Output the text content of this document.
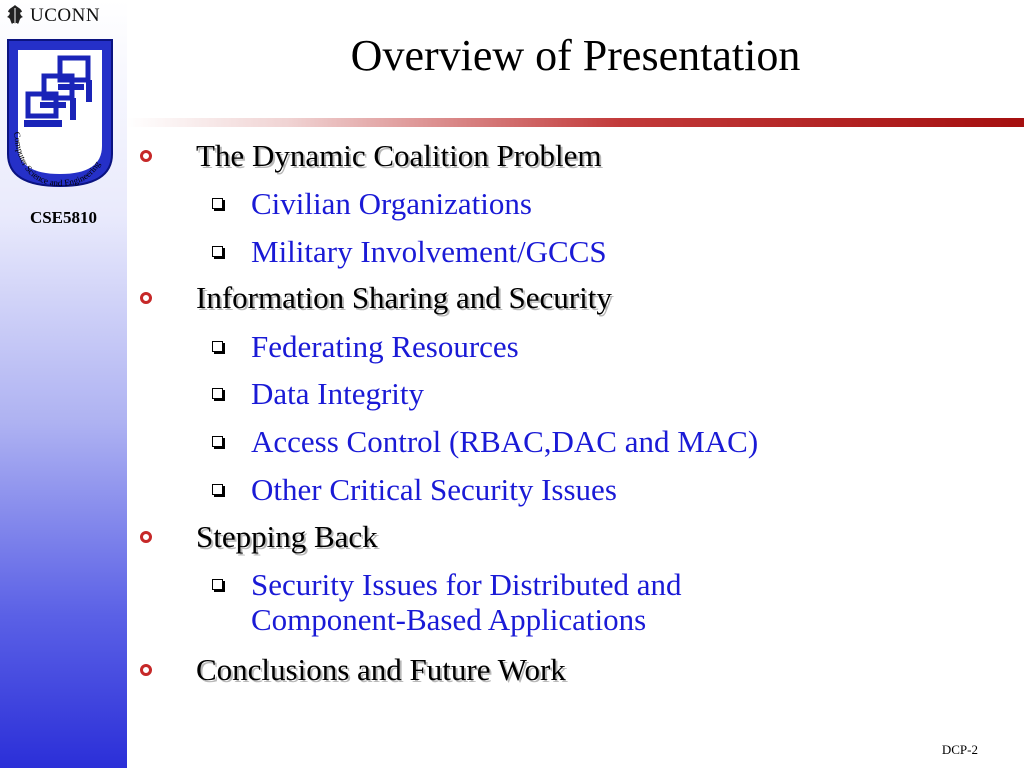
UCONN
Computer Science and Engineering
CSE5810
Overview of Presentation
The Dynamic Coalition Problem
Civilian Organizations
Military Involvement/GCCS
Information Sharing and Security
Federating Resources
Data Integrity
Access Control (RBAC,DAC and MAC)
Other Critical Security Issues
Stepping Back
Security Issues for Distributed and Component-Based Applications
Conclusions and Future Work
DCP-2
